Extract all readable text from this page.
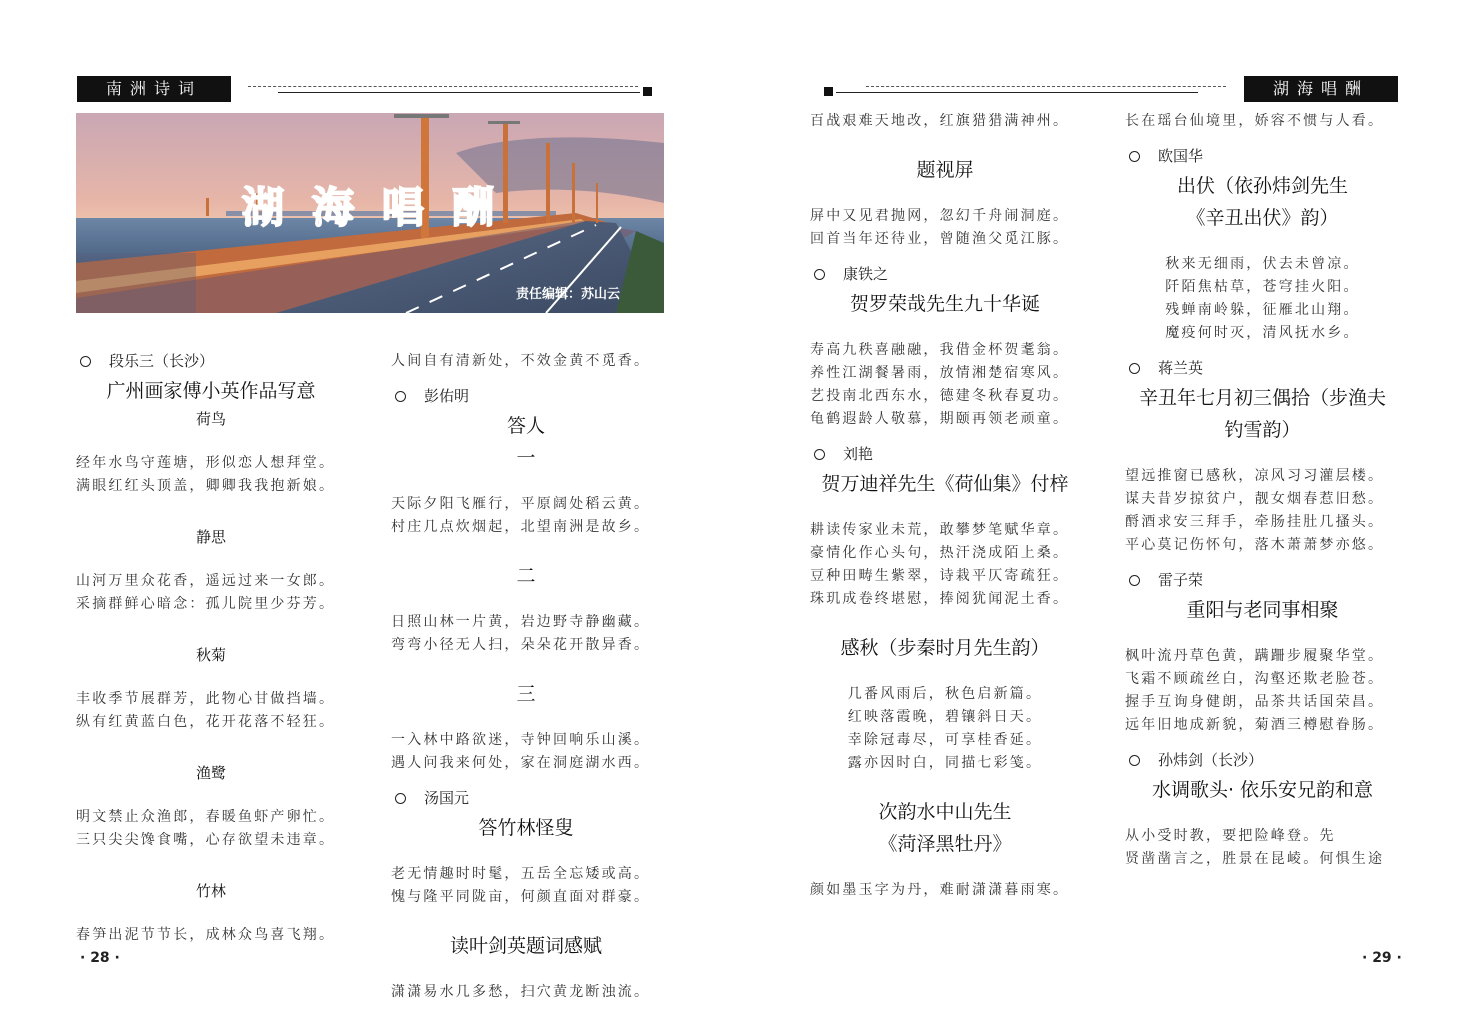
南洲诗词
湖海唱酬
责任编辑：苏山云
湖海唱酬
段乐三（长沙）
广州画家傅小英作品写意
荷鸟
经年水鸟守莲塘，形似恋人想拜堂。
满眼红红头顶盖，卿卿我我抱新娘。
静思
山河万里众花香，遥远过来一女郎。
采摘群鲜心暗念：孤儿院里少芬芳。
秋菊
丰收季节展群芳，此物心甘做挡墙。
纵有红黄蓝白色，花开花落不轻狂。
渔鹭
明文禁止众渔郎，春暖鱼虾产卵忙。
三只尖尖馋食嘴，心存欲望未违章。
竹林
春笋出泥节节长，成林众鸟喜飞翔。
人间自有清新处，不效金黄不觅香。
彭佑明
答人
一
天际夕阳飞雁行，平原阔处稻云黄。
村庄几点炊烟起，北望南洲是故乡。
二
日照山林一片黄，岩边野寺静幽藏。
弯弯小径无人扫，朵朵花开散异香。
三
一入林中路欲迷，寺钟回响乐山溪。
遇人问我来何处，家在洞庭湖水西。
汤国元
答竹林怪叟
老无情趣时时髦，五岳全忘矮或高。
愧与隆平同陇亩，何颜直面对群豪。
读叶剑英题词感赋
潇潇易水几多愁，扫穴黄龙断浊流。
百战艰难天地改，红旗猎猎满神州。
题视屏
屏中又见君抛网，忽幻千舟闹洞庭。
回首当年还待业，曾随渔父觅江豚。
康铁之
贺罗荣哉先生九十华诞
寿高九秩喜融融，我借金杯贺耄翁。
养性江湖餐暑雨，放情湘楚宿寒风。
艺投南北西东水，德建冬秋春夏功。
龟鹤遐龄人敬慕，期颐再领老顽童。
刘艳
贺万迪祥先生《荷仙集》付梓
耕读传家业未荒，敢攀梦笔赋华章。
豪情化作心头句，热汗浇成陌上桑。
豆种田畴生紫翠，诗栽平仄寄疏狂。
珠玑成卷终堪慰，捧阅犹闻泥土香。
感秋（步秦时月先生韵）
几番风雨后，秋色启新篇。
红映落霞晚，碧镶斜日天。
幸除冠毒尽，可享桂香延。
露亦因时白，同描七彩笺。
次韵水中山先生
《菏泽黑牡丹》
颜如墨玉字为丹，难耐潇潇暮雨寒。
长在瑶台仙境里，娇容不惯与人看。
欧国华
出伏（依孙炜剑先生
《辛丑出伏》韵）
秋来无细雨，伏去未曾凉。
阡陌焦枯草，苍穹挂火阳。
残蝉南岭躲，征雁北山翔。
魔疫何时灭，清风抚水乡。
蒋兰英
辛丑年七月初三偶拾（步渔夫
钓雪韵）
望远推窗已感秋，凉风习习灌层楼。
谋夫昔岁掠贫户，靓女烟春惹旧愁。
酹酒求安三拜手，牵肠挂肚几搔头。
平心莫记伤怀句，落木萧萧梦亦悠。
雷子荣
重阳与老同事相聚
枫叶流丹草色黄，蹒跚步履聚华堂。
飞霜不顾疏丝白，沟壑还欺老脸苍。
握手互询身健朗，品茶共话国荣昌。
远年旧地成新貌，菊酒三樽慰眷肠。
孙炜剑（长沙）
水调歌头· 依乐安兄韵和意
从小受时教，要把险峰登。先
贤凿凿言之，胜景在昆崚。何惧生途
· 28 ·	· 29 ·
